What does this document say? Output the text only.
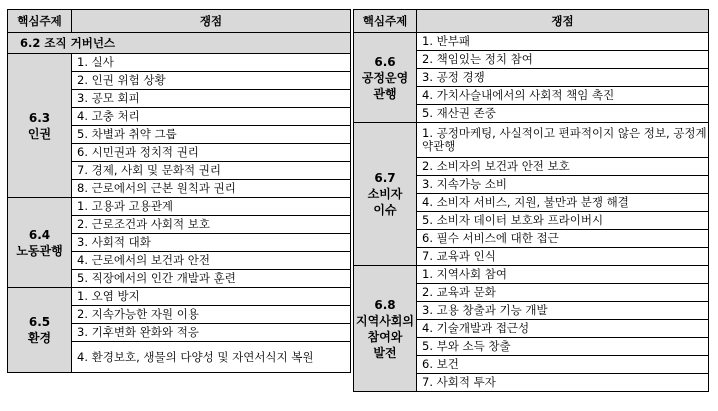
핵심주제	쟁점
6.2 조직 거버넌스	

6.3
인권	1. 실사
	2. 인권 위험 상황
	3. 공모 회피
	4. 고충 처리
	5. 차별과 취약 그룹
	6. 시민권과 정치적 권리
	7. 경제, 사회 및 문화적 권리
	8. 근로에서의 근본 원칙과 권리

6.4
노동관행	1. 고용과 고용관계
	2. 근로조건과 사회적 보호
	3. 사회적 대화
	4. 근로에서의 보건과 안전
	5. 직장에서의 인간 개발과 훈련

6.5
환경	1. 오염 방지
	2. 지속가능한 자원 이용
	3. 기후변화 완화와 적응
	4. 환경보호, 생물의 다양성 및 자연서식지 복원
핵심주제	쟁점

6.6
공정운영
관행	1. 반부패
	2. 책임있는 정치 참여
	3. 공정 경쟁
	4. 가치사슬내에서의 사회적 책임 촉진
	5. 재산권 존중

6.7
소비자
이슈	1. 공정마케팅, 사실적이고 편파적이지 않은 정보, 공정계약관행
	2. 소비자의 보건과 안전 보호
	3. 지속가능 소비
	4. 소비자 서비스, 지원, 불만과 분쟁 해결
	5. 소비자 데이터 보호와 프라이버시
	6. 필수 서비스에 대한 접근
	7. 교육과 인식

6.8
지역사회의
참여와
발전	1. 지역사회 참여
	2. 교육과 문화
	3. 고용 창출과 기능 개발
	4. 기술개발과 접근성
	5. 부와 소득 창출
	6. 보건
	7. 사회적 투자
